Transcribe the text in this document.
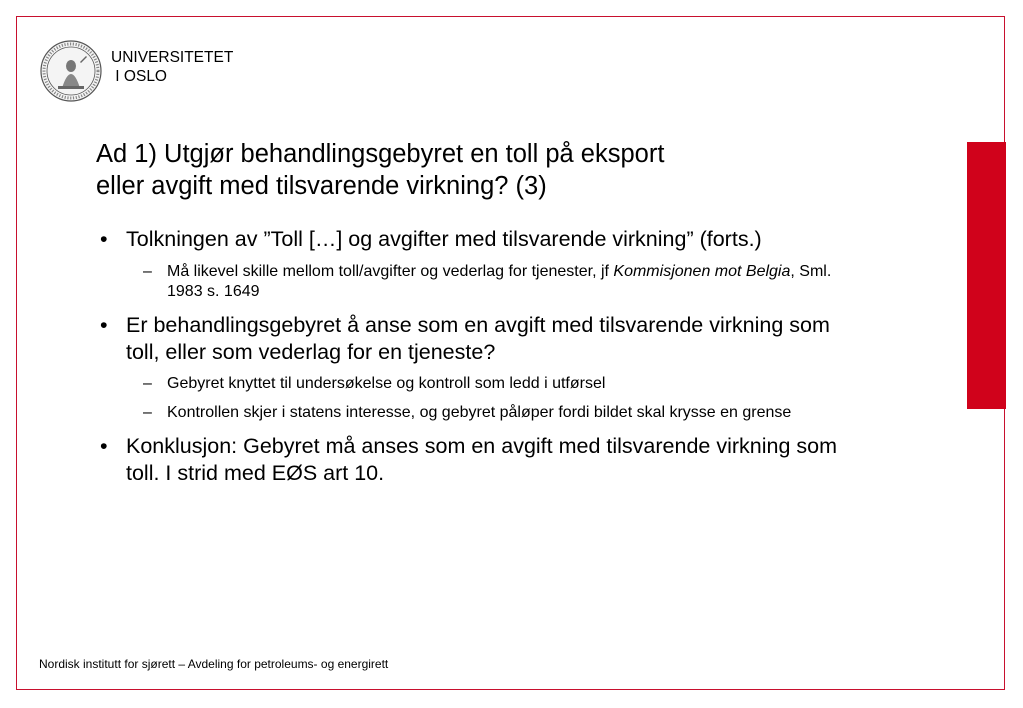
UNIVERSITETET
I OSLO
Ad 1) Utgjør behandlingsgebyret en toll på eksport
eller avgift med tilsvarende virkning? (3)
• Tolkningen av ”Toll […] og avgifter med tilsvarende virkning” (forts.)
– Må likevel skille mellom toll/avgifter og vederlag for tjenester, jf Kommisjonen mot Belgia, Sml. 1983 s. 1649
• Er behandlingsgebyret å anse som en avgift med tilsvarende virkning som toll, eller som vederlag for en tjeneste?
– Gebyret knyttet til undersøkelse og kontroll som ledd i utførsel
– Kontrollen skjer i statens interesse, og gebyret påløper fordi bildet skal krysse en grense
• Konklusjon: Gebyret må anses som en avgift med tilsvarende virkning som toll. I strid med EØS art 10.
Nordisk institutt for sjørett – Avdeling for petroleums- og energirett
